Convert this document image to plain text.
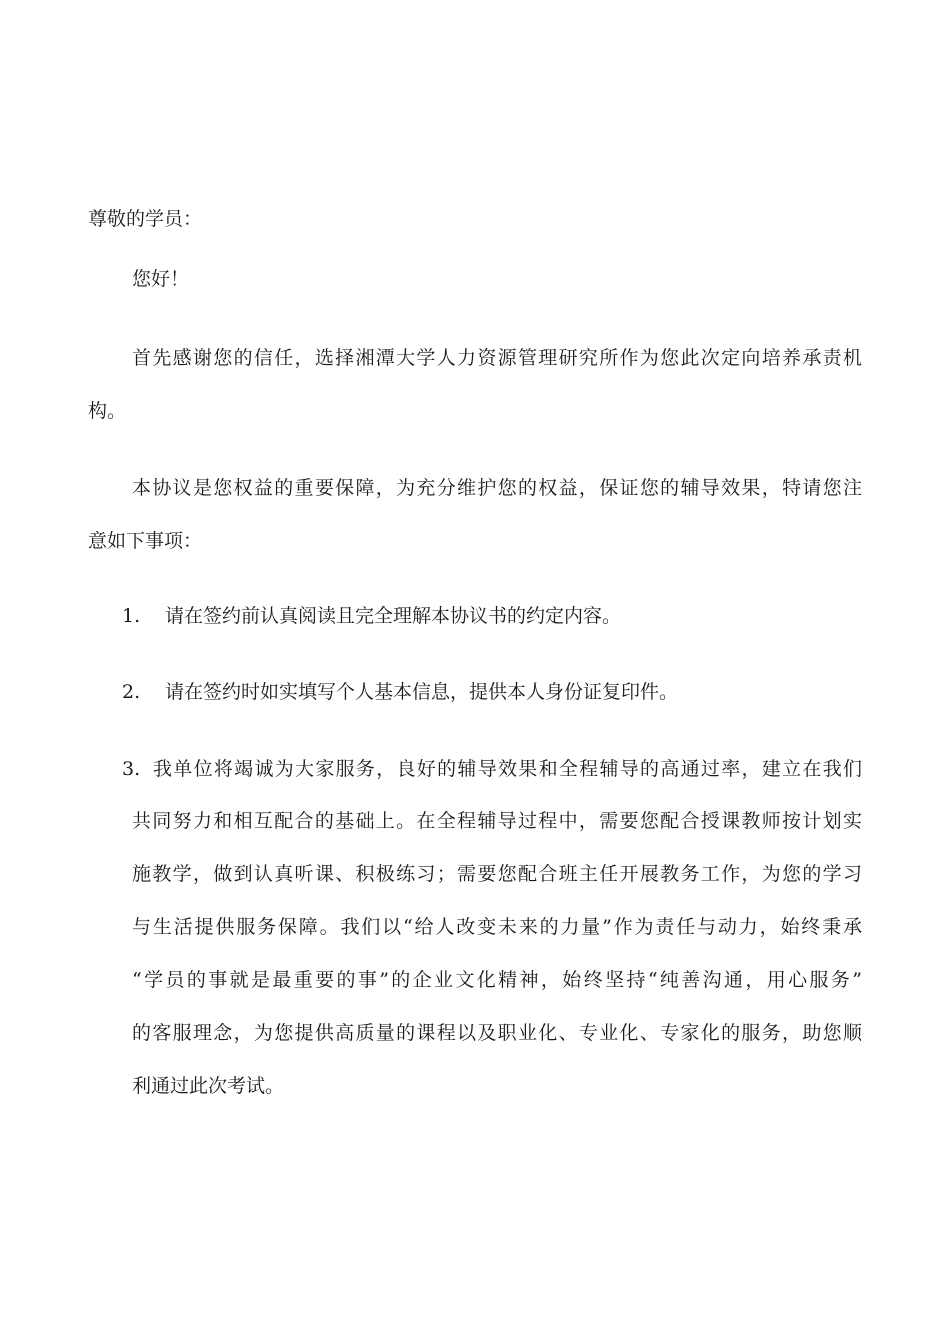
尊敬的学员：
您好！
首先感谢您的信任，选择湘潭大学人力资源管理研究所作为您此次定向培养承责机
构。
本协议是您权益的重要保障，为充分维护您的权益，保证您的辅导效果，特请您注
意如下事项：
1. 请在签约前认真阅读且完全理解本协议书的约定内容。
2. 请在签约时如实填写个人基本信息，提供本人身份证复印件。
3. 我单位将竭诚为大家服务，良好的辅导效果和全程辅导的高通过率，建立在我们
共同努力和相互配合的基础上。在全程辅导过程中，需要您配合授课教师按计划实
施教学，做到认真听课、积极练习；需要您配合班主任开展教务工作，为您的学习
与生活提供服务保障。我们以“给人改变未来的力量”作为责任与动力，始终秉承
“学员的事就是最重要的事”的企业文化精神，始终坚持“纯善沟通，用心服务”
的客服理念，为您提供高质量的课程以及职业化、专业化、专家化的服务，助您顺
利通过此次考试。
